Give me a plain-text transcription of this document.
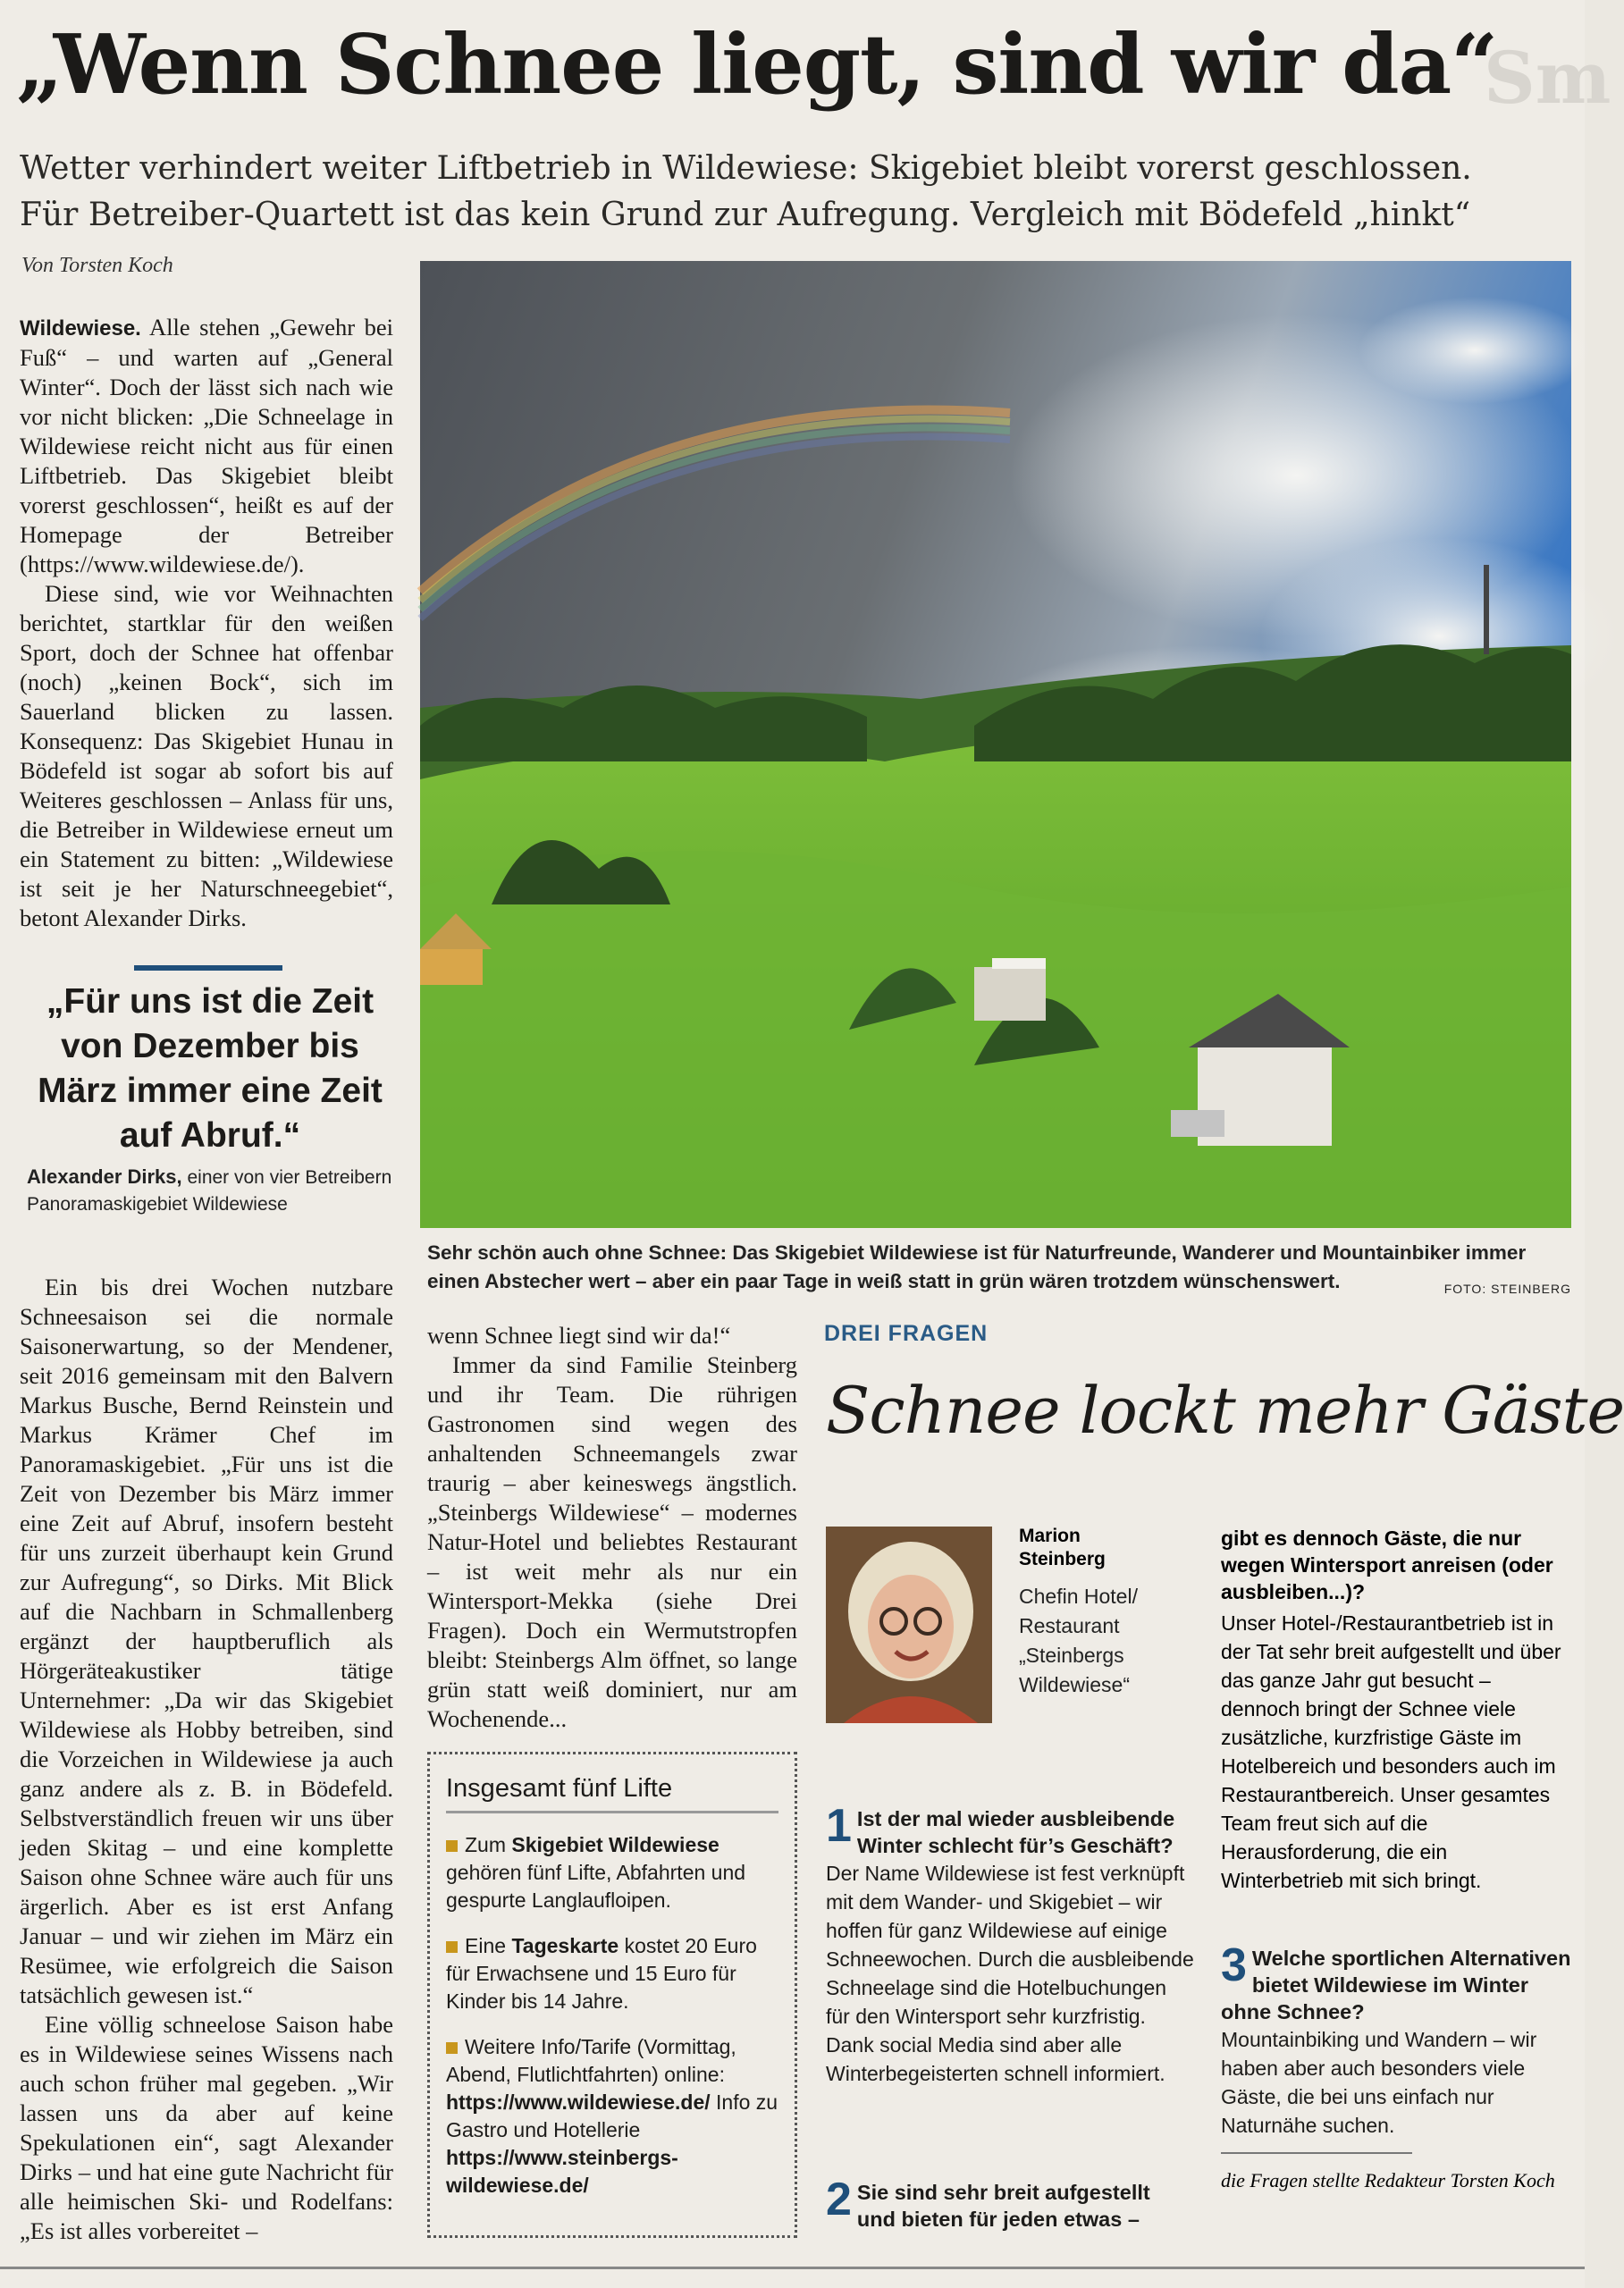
„Wenn Schnee liegt, sind wir da“
Sm
Wetter verhindert weiter Liftbetrieb in Wildewiese: Skigebiet bleibt vorerst geschlossen.
Für Betreiber-Quartett ist das kein Grund zur Aufregung. Vergleich mit Bödefeld „hinkt“
Von Torsten Koch

Wildewiese. Alle stehen „Gewehr bei Fuß“ – und warten auf „General Winter“. Doch der lässt sich nach wie vor nicht blicken: „Die Schneelage in Wildewiese reicht nicht aus für einen Liftbetrieb. Das Skigebiet bleibt vorerst geschlossen“, heißt es auf der Homepage der Betreiber (https://www.wildewiese.de/).

Diese sind, wie vor Weihnachten berichtet, startklar für den weißen Sport, doch der Schnee hat offenbar (noch) „keinen Bock“, sich im Sauerland blicken zu lassen. Konsequenz: Das Skigebiet Hunau in Bödefeld ist sogar ab sofort bis auf Weiteres geschlossen – Anlass für uns, die Betreiber in Wildewiese erneut um ein Statement zu bitten: „Wildewiese ist seit je her Naturschneegebiet“, betont Alexander Dirks.

„Für uns ist die Zeit von Dezember bis März immer eine Zeit auf Abruf.“
Alexander Dirks, einer von vier Betreibern Panoramaskigebiet Wildewiese

Ein bis drei Wochen nutzbare Schneesaison sei die normale Saisonerwartung, so der Mendener, seit 2016 gemeinsam mit den Balvern Markus Busche, Bernd Reinstein und Markus Krämer Chef im Panoramaskigebiet. „Für uns ist die Zeit von Dezember bis März immer eine Zeit auf Abruf, insofern besteht für uns zurzeit überhaupt kein Grund zur Aufregung“, so Dirks. Mit Blick auf die Nachbarn in Schmallenberg ergänzt der hauptberuflich als Hörgeräteakustiker tätige Unternehmer: „Da wir das Skigebiet Wildewiese als Hobby betreiben, sind die Vorzeichen in Wildewiese ja auch ganz andere als z. B. in Bödefeld. Selbstverständlich freuen wir uns über jeden Skitag – und eine komplette Saison ohne Schnee wäre auch für uns ärgerlich. Aber es ist erst Anfang Januar – und wir ziehen im März ein Resümee, wie erfolgreich die Saison tatsächlich gewesen ist.“

Eine völlig schneelose Saison habe es in Wildewiese seines Wissens nach auch schon früher mal gegeben. „Wir lassen uns da aber auf keine Spekulationen ein“, sagt Alexander Dirks – und hat eine gute Nachricht für alle heimischen Ski- und Rodelfans: „Es ist alles vorbereitet –

Sehr schön auch ohne Schnee: Das Skigebiet Wildewiese ist für Naturfreunde, Wanderer und Mountainbiker immer einen Abstecher wert – aber ein paar Tage in weiß statt in grün wären trotzdem wünschenswert.	FOTO: STEINBERG

wenn Schnee liegt sind wir da!“

Immer da sind Familie Steinberg und ihr Team. Die rührigen Gastronomen sind wegen des anhaltenden Schneemangels zwar traurig – aber keineswegs ängstlich. „Steinbergs Wildewiese“ – modernes Natur-Hotel und beliebtes Restaurant – ist weit mehr als nur ein Wintersport-Mekka (siehe Drei Fragen). Doch ein Wermutstropfen bleibt: Steinbergs Alm öffnet, so lange grün statt weiß dominiert, nur am Wochenende...

Insgesamt fünf Lifte
Zum Skigebiet Wildewiese gehören fünf Lifte, Abfahrten und gespurte Langlaufloipen.
Eine Tageskarte kostet 20 Euro für Erwachsene und 15 Euro für Kinder bis 14 Jahre.
Weitere Info/Tarife (Vormittag, Abend, Flutlichtfahrten) online: https://www.wildewiese.de/ Info zu Gastro und Hotellerie https://www.steinbergs-wildewiese.de/
DREI FRAGEN
Schnee lockt mehr Gäste
Marion
Steinberg
Chefin Hotel/ Restaurant „Steinbergs Wildewiese“
1 Ist der mal wieder ausbleibende Winter schlecht für’s Geschäft?
Der Name Wildewiese ist fest verknüpft mit dem Wander- und Skigebiet – wir hoffen für ganz Wildewiese auf einige Schneewochen. Durch die ausbleibende Schneelage sind die Hotelbuchungen für den Wintersport sehr kurzfristig. Dank social Media sind aber alle Winterbegeisterten schnell informiert.
2 Sie sind sehr breit aufgestellt und bieten für jeden etwas –
gibt es dennoch Gäste, die nur wegen Wintersport anreisen (oder ausbleiben...)?
Unser Hotel-/Restaurantbetrieb ist in der Tat sehr breit aufgestellt und über das ganze Jahr gut besucht – dennoch bringt der Schnee viele zusätzliche, kurzfristige Gäste im Hotelbereich und besonders auch im Restaurantbereich. Unser gesamtes Team freut sich auf die Herausforderung, die ein Winterbetrieb mit sich bringt.
3 Welche sportlichen Alternativen bietet Wildewiese im Winter ohne Schnee?
Mountainbiking und Wandern – wir haben aber auch besonders viele Gäste, die bei uns einfach nur Naturnähe suchen.
die Fragen stellte Redakteur Torsten Koch
